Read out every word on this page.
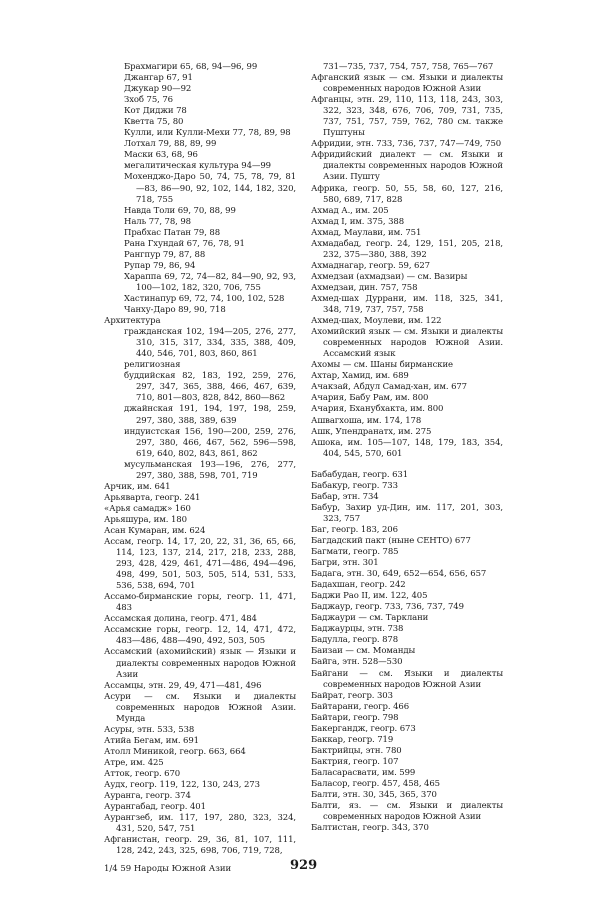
Брахмагири 65, 68, 94—96, 99
Джангар 67, 91
Джукар 90—92
Зхоб 75, 76
Кот Диджи 78
Кветта 75, 80
Кулли, или Кулли-Мехи 77, 78, 89, 98
Лотхал 79, 88, 89, 99
Маски 63, 68, 96
мегалитическая культура 94—99
Мохенджо-Даро 50, 74, 75, 78, 79, 81—83, 86—90, 92, 102, 144, 182, 320, 718, 755
Навда Толи 69, 70, 88, 99
Наль 77, 78, 98
Прабхас Патан 79, 88
Рана Гхундай 67, 76, 78, 91
Рангпур 79, 87, 88
Рупар 79, 86, 94
Хараппа 69, 72, 74—82, 84—90, 92, 93, 100—102, 182, 320, 706, 755
Хастинапур 69, 72, 74, 100, 102, 528
Чанху-Даро 89, 90, 718
Архитектура
гражданская 102, 194—205, 276, 277, 310, 315, 317, 334, 335, 388, 409, 440, 546, 701, 803, 860, 861
религиозная
буддийская 82, 183, 192, 259, 276, 297, 347, 365, 388, 466, 467, 639, 710, 801—803, 828, 842, 860—862
джайнская 191, 194, 197, 198, 259, 297, 380, 388, 389, 639
индуистская 156, 190—200, 259, 276, 297, 380, 466, 467, 562, 596—598, 619, 640, 802, 843, 861, 862
мусульманская 193—196, 276, 277, 297, 380, 388, 598, 701, 719
Арчик, им. 641
Арьяварта, геогр. 241
«Арья самадж» 160
Арьяшура, им. 180
Асан Кумаран, им. 624
Ассам, геогр. 14, 17, 20, 22, 31, 36, 65, 66, 114, 123, 137, 214, 217, 218, 233, 288, 293, 428, 429, 461, 471—486, 494—496, 498, 499, 501, 503, 505, 514, 531, 533, 536, 538, 694, 701
Ассамо-бирманские горы, геогр. 11, 471, 483
Ассамская долина, геогр. 471, 484
Ассамские горы, геогр. 12, 14, 471, 472, 483—486, 488—490, 492, 503, 505
Ассамский (ахомийский) язык — Языки и диалекты современных народов Южной Азии
Ассамцы, этн. 29, 49, 471—481, 496
Асури — см. Языки и диалекты современных народов Южной Азии. Мунда
Асуры, этн. 533, 538
Атийа Бегам, им. 691
Атолл Миникой, геогр. 663, 664
Атре, им. 425
Атток, геогр. 670
Аудх, геогр. 119, 122, 130, 243, 273
Аурангa, геогр. 374
Аурангабад, геогр. 401
Аурангзеб, им. 117, 197, 280, 323, 324, 431, 520, 547, 751
Афганистан, геогр. 29, 36, 81, 107, 111, 128, 242, 243, 325, 698, 706, 719, 728,
731—735, 737, 754, 757, 758, 765—767
Афганский язык — см. Языки и диалекты современных народов Южной Азии
Афганцы, этн. 29, 110, 113, 118, 243, 303, 322, 323, 348, 676, 706, 709, 731, 735, 737, 751, 757, 759, 762, 780 см. также Пуштуны
Афридии, этн. 733, 736, 737, 747—749, 750
Афридийский диалект — см. Языки и диалекты современных народов Южной Азии. Пушту
Африка, геогр. 50, 55, 58, 60, 127, 216, 580, 689, 717, 828
Ахмад А., им. 205
Ахмад I, им. 375, 388
Ахмад, Маулави, им. 751
Ахмадабад, геогр. 24, 129, 151, 205, 218, 232, 375—380, 388, 392
Ахмаднагар, геогр. 59, 627
Ахмедзаи (ахмадзаи) — см. Вазиры
Ахмедзаи, дин. 757, 758
Ахмед-шах Дуррани, им. 118, 325, 341, 348, 719, 737, 757, 758
Ахмед-шах, Моулеви, им. 122
Ахомийский язык — см. Языки и диалекты современных народов Южной Азии. Ассамский язык
Ахомы — см. Шаны бирманские
Ахтар, Хамид, им. 689
Ачакзай, Абдул Самад-хан, им. 677
Ачария, Бабу Рам, им. 800
Ачария, Бханубхакта, им. 800
Ашвагхоша, им. 174, 178
Ашк, Упендранатх, им. 275
Ашока, им. 105—107, 148, 179, 183, 354, 404, 545, 570, 601
Бабабудан, геогр. 631
Бабакур, геогр. 733
Бабар, этн. 734
Бабур, Захир уд-Дин, им. 117, 201, 303, 323, 757
Баг, геогр. 183, 206
Багдадский пакт (ныне СЕНТО) 677
Багмати, геогр. 785
Багри, этн. 301
Бадага, этн. 30, 649, 652—654, 656, 657
Бадахшан, геогр. 242
Баджи Рао II, им. 122, 405
Баджаур, геогр. 733, 736, 737, 749
Баджаури — см. Тарклани
Баджаурцы, этн. 738
Бадулла, геогр. 878
Баизаи — см. Момaнды
Байга, этн. 528—530
Байгани — см. Языки и диалекты современных народов Южной Азии
Байрат, геогр. 303
Байтарани, геогр. 466
Байтари, геогр. 798
Бакергандж, геогр. 673
Баккар, геогр. 719
Бактрийцы, этн. 780
Бактрия, геогр. 107
Баласарасвати, им. 599
Баласор, геогр. 457, 458, 465
Балти, этн. 30, 345, 365, 370
Балти, яз. — см. Языки и диалекты современных народов Южной Азии
Балтистан, геогр. 343, 370
1/4 59 Народы Южной Азии	929
